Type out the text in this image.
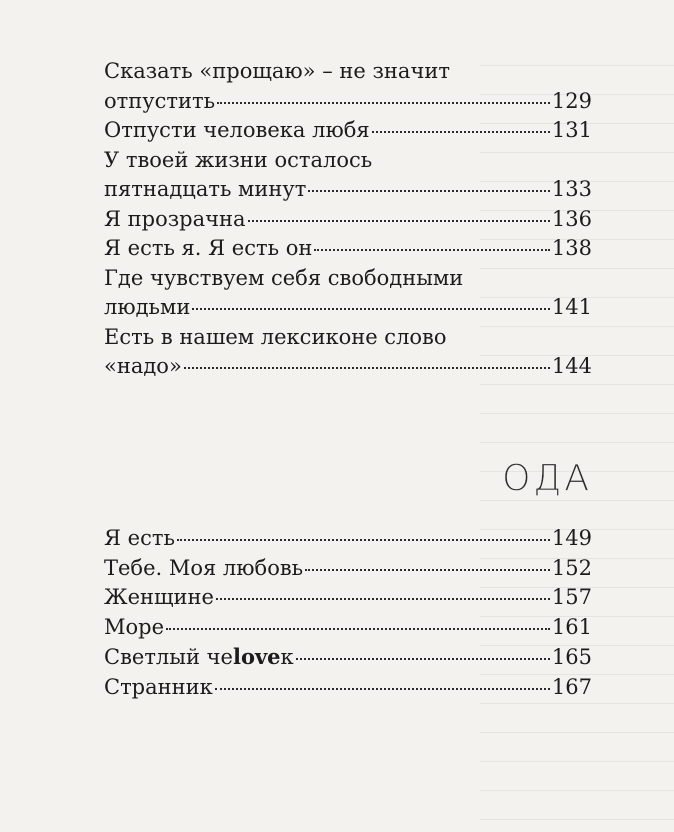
Сказать «прощаю» – не значит
отпустить	129
Отпусти человека любя	131
У твоей жизни осталось
пятнадцать минут	133
Я прозрачна	136
Я есть я. Я есть он	138
Где чувствуем себя свободными
людьми	141
Есть в нашем лексиконе слово
«надо»	144
ОДА
Я есть	149
Тебе. Моя любовь	152
Женщине	157
Море	161
Светлый чеloveк	165
Странник	167
